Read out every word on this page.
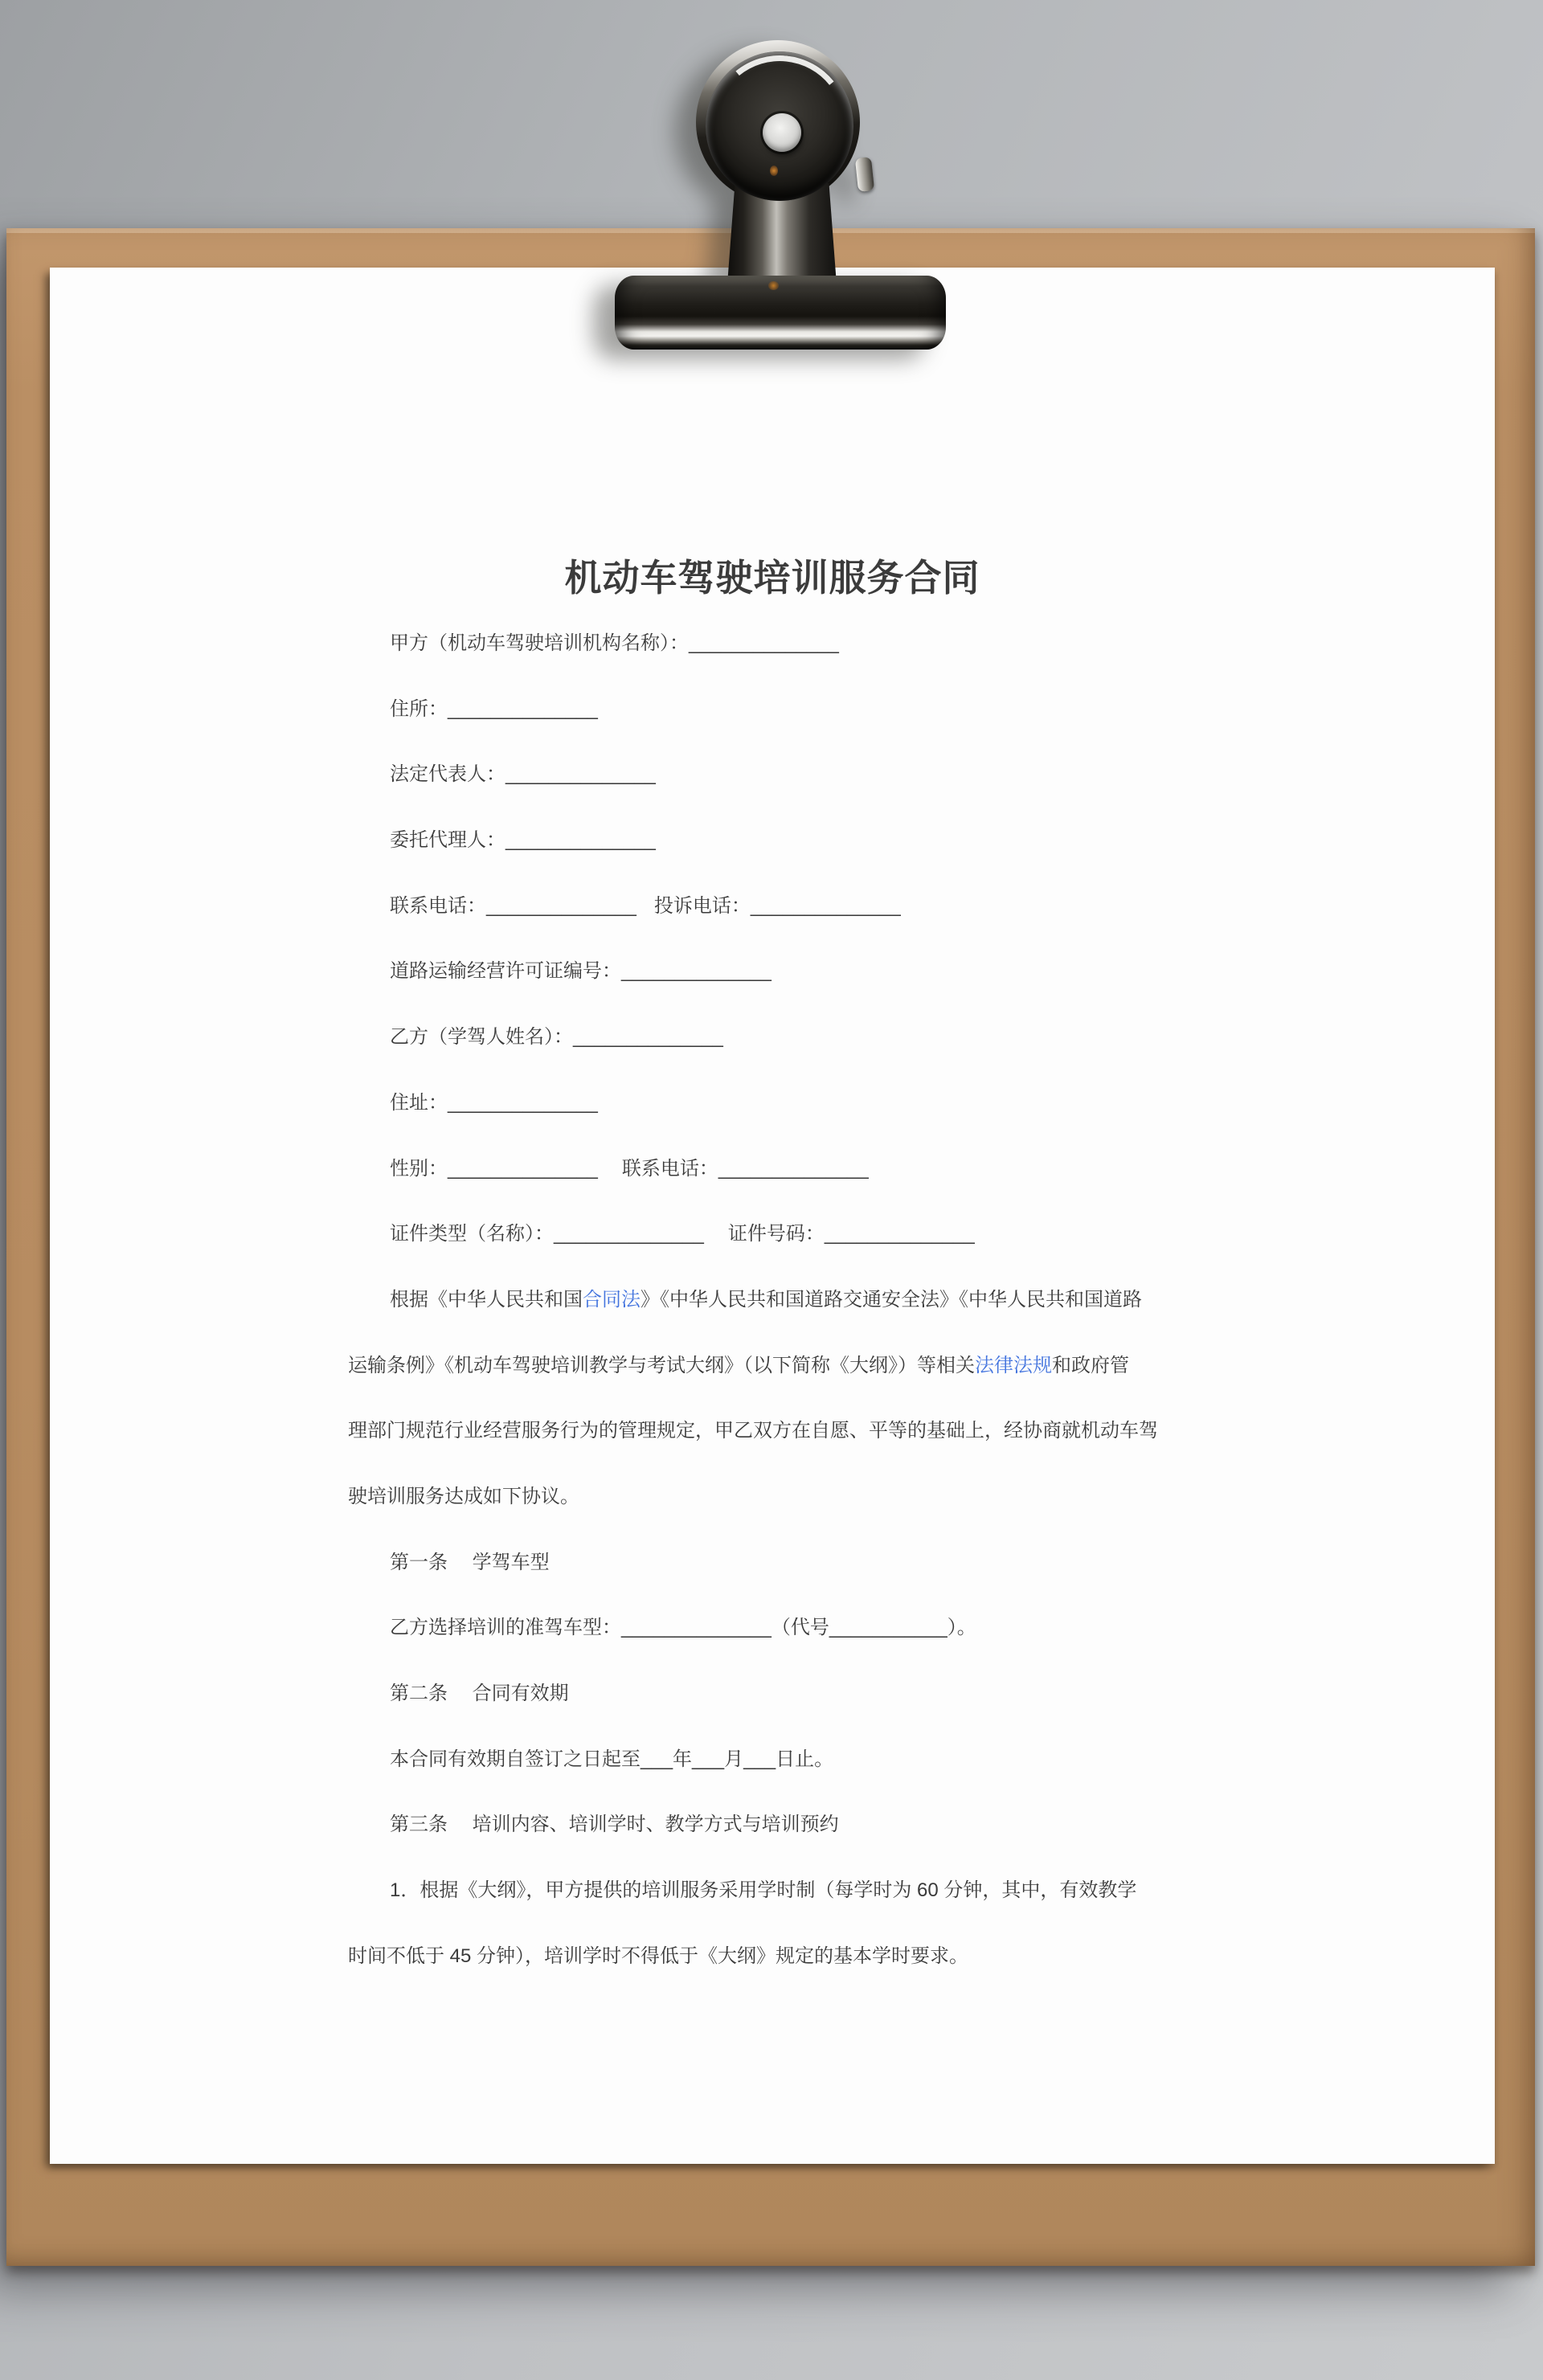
机动车驾驶培训服务合同
甲方（机动车驾驶培训机构名称）：______________
住所：______________
法定代表人：______________
委托代理人：______________
联系电话：______________ 投诉电话：______________
道路运输经营许可证编号：______________
乙方（学驾人姓名）：______________
住址：______________
性别：______________ 联系电话：______________
证件类型（名称）：______________ 证件号码：______________
根据《中华人民共和国合同法》《中华人民共和国道路交通安全法》《中华人民共和国道路
运输条例》《机动车驾驶培训教学与考试大纲》（以下简称《大纲》）等相关法律法规和政府管
理部门规范行业经营服务行为的管理规定，甲乙双方在自愿、平等的基础上，经协商就机动车驾
驶培训服务达成如下协议。
第一条　 学驾车型
乙方选择培训的准驾车型：______________（代号___________）。
第二条　 合同有效期
本合同有效期自签订之日起至___年___月___日止。
第三条　 培训内容、培训学时、教学方式与培训预约
1．根据《大纲》，甲方提供的培训服务采用学时制（每学时为 60 分钟，其中，有效教学
时间不低于 45 分钟），培训学时不得低于《大纲》规定的基本学时要求。
